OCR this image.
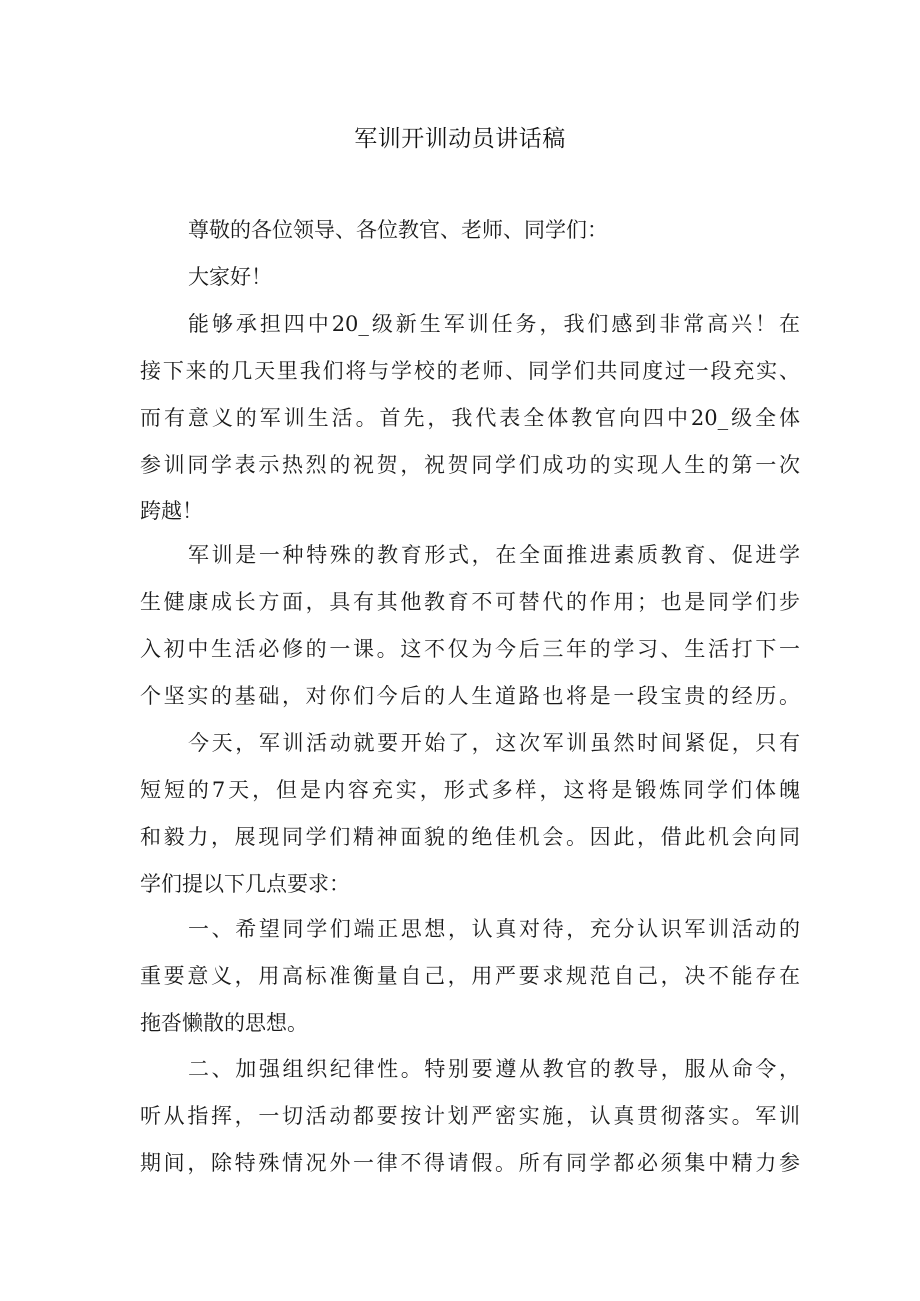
军训开训动员讲话稿
尊敬的各位领导、各位教官、老师、同学们：
大家好！
能够承担四中20_级新生军训任务，我们感到非常高兴！在
接下来的几天里我们将与学校的老师、同学们共同度过一段充实、
而有意义的军训生活。首先，我代表全体教官向四中20_级全体
参训同学表示热烈的祝贺，祝贺同学们成功的实现人生的第一次
跨越！
军训是一种特殊的教育形式，在全面推进素质教育、促进学
生健康成长方面，具有其他教育不可替代的作用；也是同学们步
入初中生活必修的一课。这不仅为今后三年的学习、生活打下一
个坚实的基础，对你们今后的人生道路也将是一段宝贵的经历。
今天，军训活动就要开始了，这次军训虽然时间紧促，只有
短短的7天，但是内容充实，形式多样，这将是锻炼同学们体魄
和毅力，展现同学们精神面貌的绝佳机会。因此，借此机会向同
学们提以下几点要求：
一、希望同学们端正思想，认真对待，充分认识军训活动的
重要意义，用高标准衡量自己，用严要求规范自己，决不能存在
拖沓懒散的思想。
二、加强组织纪律性。特别要遵从教官的教导，服从命令，
听从指挥，一切活动都要按计划严密实施，认真贯彻落实。军训
期间，除特殊情况外一律不得请假。所有同学都必须集中精力参
